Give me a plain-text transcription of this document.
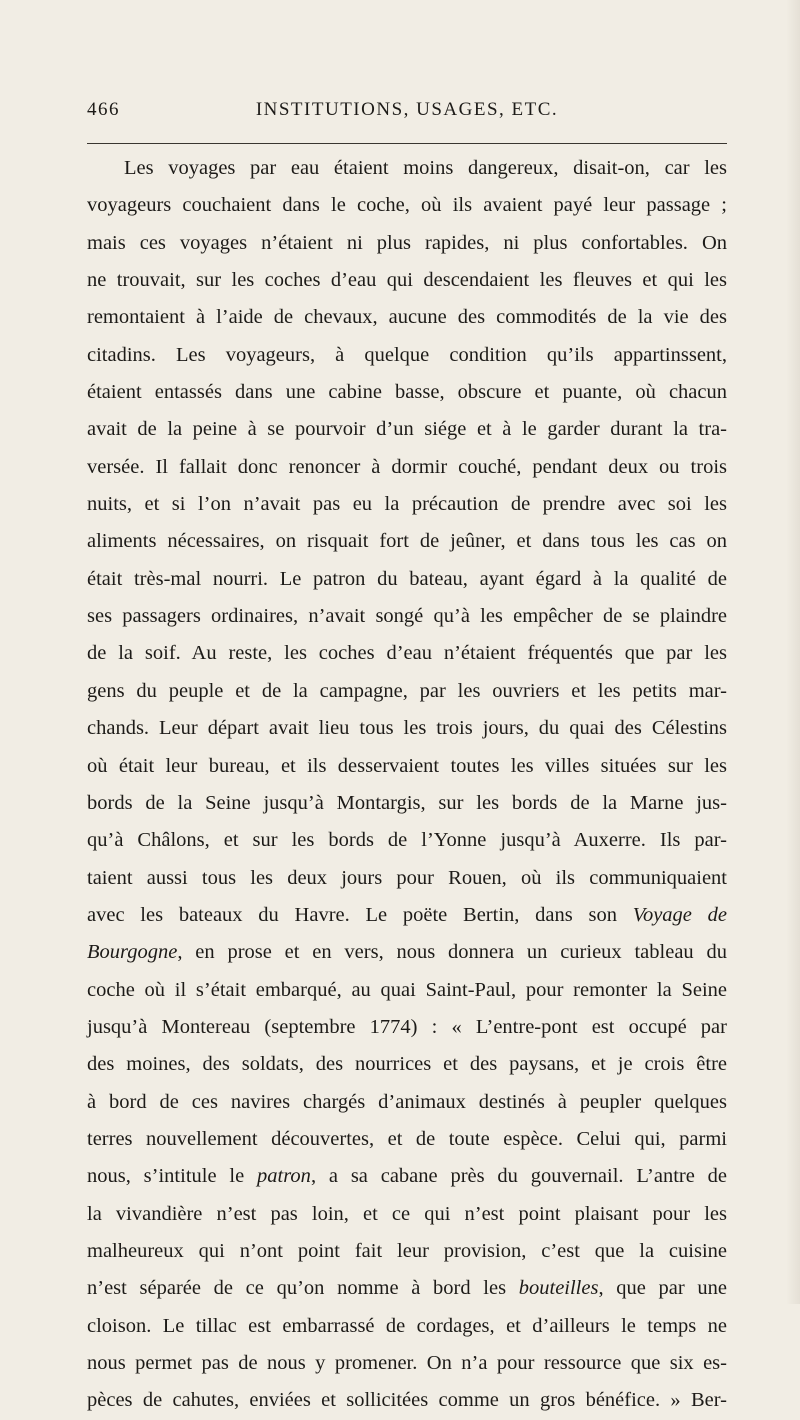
466	INSTITUTIONS, USAGES, ETC.
Les voyages par eau étaient moins dangereux, disait-on, car les
voyageurs couchaient dans le coche, où ils avaient payé leur passage ;
mais ces voyages n’étaient ni plus rapides, ni plus confortables. On
ne trouvait, sur les coches d’eau qui descendaient les fleuves et qui les
remontaient à l’aide de chevaux, aucune des commodités de la vie des
citadins. Les voyageurs, à quelque condition qu’ils appartinssent,
étaient entassés dans une cabine basse, obscure et puante, où chacun
avait de la peine à se pourvoir d’un siége et à le garder durant la tra-
versée. Il fallait donc renoncer à dormir couché, pendant deux ou trois
nuits, et si l’on n’avait pas eu la précaution de prendre avec soi les
aliments nécessaires, on risquait fort de jeûner, et dans tous les cas on
était très-mal nourri. Le patron du bateau, ayant égard à la qualité de
ses passagers ordinaires, n’avait songé qu’à les empêcher de se plaindre
de la soif. Au reste, les coches d’eau n’étaient fréquentés que par les
gens du peuple et de la campagne, par les ouvriers et les petits mar-
chands. Leur départ avait lieu tous les trois jours, du quai des Célestins
où était leur bureau, et ils desservaient toutes les villes situées sur les
bords de la Seine jusqu’à Montargis, sur les bords de la Marne jus-
qu’à Châlons, et sur les bords de l’Yonne jusqu’à Auxerre. Ils par-
taient aussi tous les deux jours pour Rouen, où ils communiquaient
avec les bateaux du Havre. Le poëte Bertin, dans son Voyage de
Bourgogne, en prose et en vers, nous donnera un curieux tableau du
coche où il s’était embarqué, au quai Saint-Paul, pour remonter la Seine
jusqu’à Montereau (septembre 1774) : « L’entre-pont est occupé par
des moines, des soldats, des nourrices et des paysans, et je crois être
à bord de ces navires chargés d’animaux destinés à peupler quelques
terres nouvellement découvertes, et de toute espèce. Celui qui, parmi
nous, s’intitule le patron, a sa cabane près du gouvernail. L’antre de
la vivandière n’est pas loin, et ce qui n’est point plaisant pour les
malheureux qui n’ont point fait leur provision, c’est que la cuisine
n’est séparée de ce qu’on nomme à bord les bouteilles, que par une
cloison. Le tillac est embarrassé de cordages, et d’ailleurs le temps ne
nous permet pas de nous y promener. On n’a pour ressource que six es-
pèces de cahutes, enviées et sollicitées comme un gros bénéfice. » Ber-
